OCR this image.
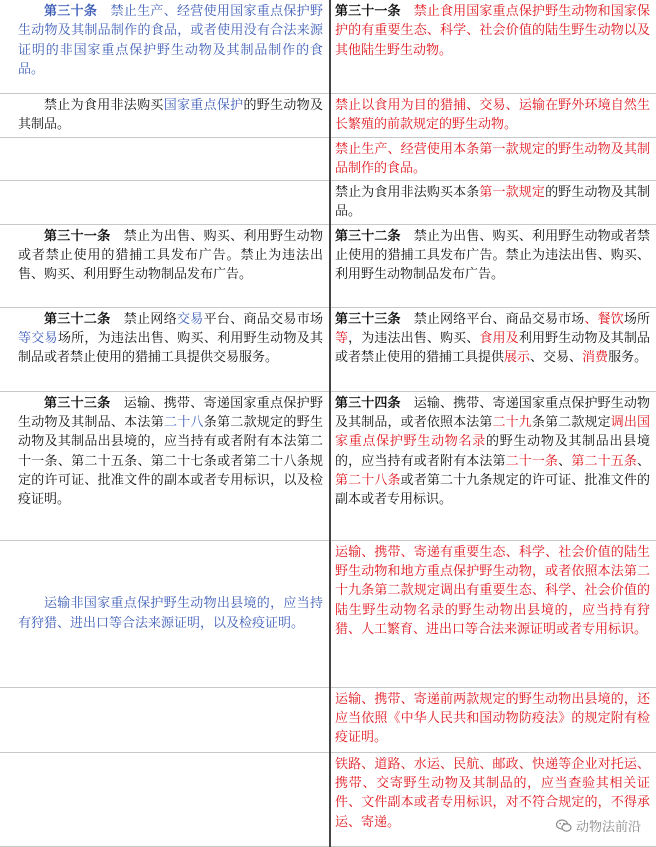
第三十条　禁止生产、经营使用国家重点保护野生动物及其制品制作的食品，或者使用没有合法来源证明的非国家重点保护野生动物及其制品制作的食品。	第三十一条　禁止食用国家重点保护野生动物和国家保护的有重要生态、科学、社会价值的陆生野生动物以及其他陆生野生动物。
禁止为食用非法购买国家重点保护的野生动物及其制品。	禁止以食用为目的猎捕、交易、运输在野外环境自然生长繁殖的前款规定的野生动物。
	禁止生产、经营使用本条第一款规定的野生动物及其制品制作的食品。
	禁止为食用非法购买本条第一款规定的野生动物及其制品。
第三十一条　禁止为出售、购买、利用野生动物或者禁止使用的猎捕工具发布广告。禁止为违法出售、购买、利用野生动物制品发布广告。	第三十二条　禁止为出售、购买、利用野生动物或者禁止使用的猎捕工具发布广告。禁止为违法出售、购买、利用野生动物制品发布广告。
第三十二条　禁止网络交易平台、商品交易市场等交易场所，为违法出售、购买、利用野生动物及其制品或者禁止使用的猎捕工具提供交易服务。	第三十三条　禁止网络平台、商品交易市场、餐饮场所等，为违法出售、购买、食用及利用野生动物及其制品或者禁止使用的猎捕工具提供展示、交易、消费服务。
第三十三条　运输、携带、寄递国家重点保护野生动物及其制品、本法第二十八条第二款规定的野生动物及其制品出县境的，应当持有或者附有本法第二十一条、第二十五条、第二十七条或者第二十八条规定的许可证、批准文件的副本或者专用标识，以及检疫证明。	第三十四条　运输、携带、寄递国家重点保护野生动物及其制品，或者依照本法第二十九条第二款规定调出国家重点保护野生动物名录的野生动物及其制品出县境的，应当持有或者附有本法第二十一条、第二十五条、第二十八条或者第二十九条规定的许可证、批准文件的副本或者专用标识。
运输非国家重点保护野生动物出县境的，应当持有狩猎、进出口等合法来源证明，以及检疫证明。	运输、携带、寄递有重要生态、科学、社会价值的陆生野生动物和地方重点保护野生动物，或者依照本法第二十九条第二款规定调出有重要生态、科学、社会价值的陆生野生动物名录的野生动物出县境的，应当持有狩猎、人工繁育、进出口等合法来源证明或者专用标识。
	运输、携带、寄递前两款规定的野生动物出县境的，还应当依照《中华人民共和国动物防疫法》的规定附有检疫证明。
	铁路、道路、水运、民航、邮政、快递等企业对托运、携带、交寄野生动物及其制品的，应当查验其相关证件、文件副本或者专用标识，对不符合规定的，不得承运、寄递。	动物法前沿
